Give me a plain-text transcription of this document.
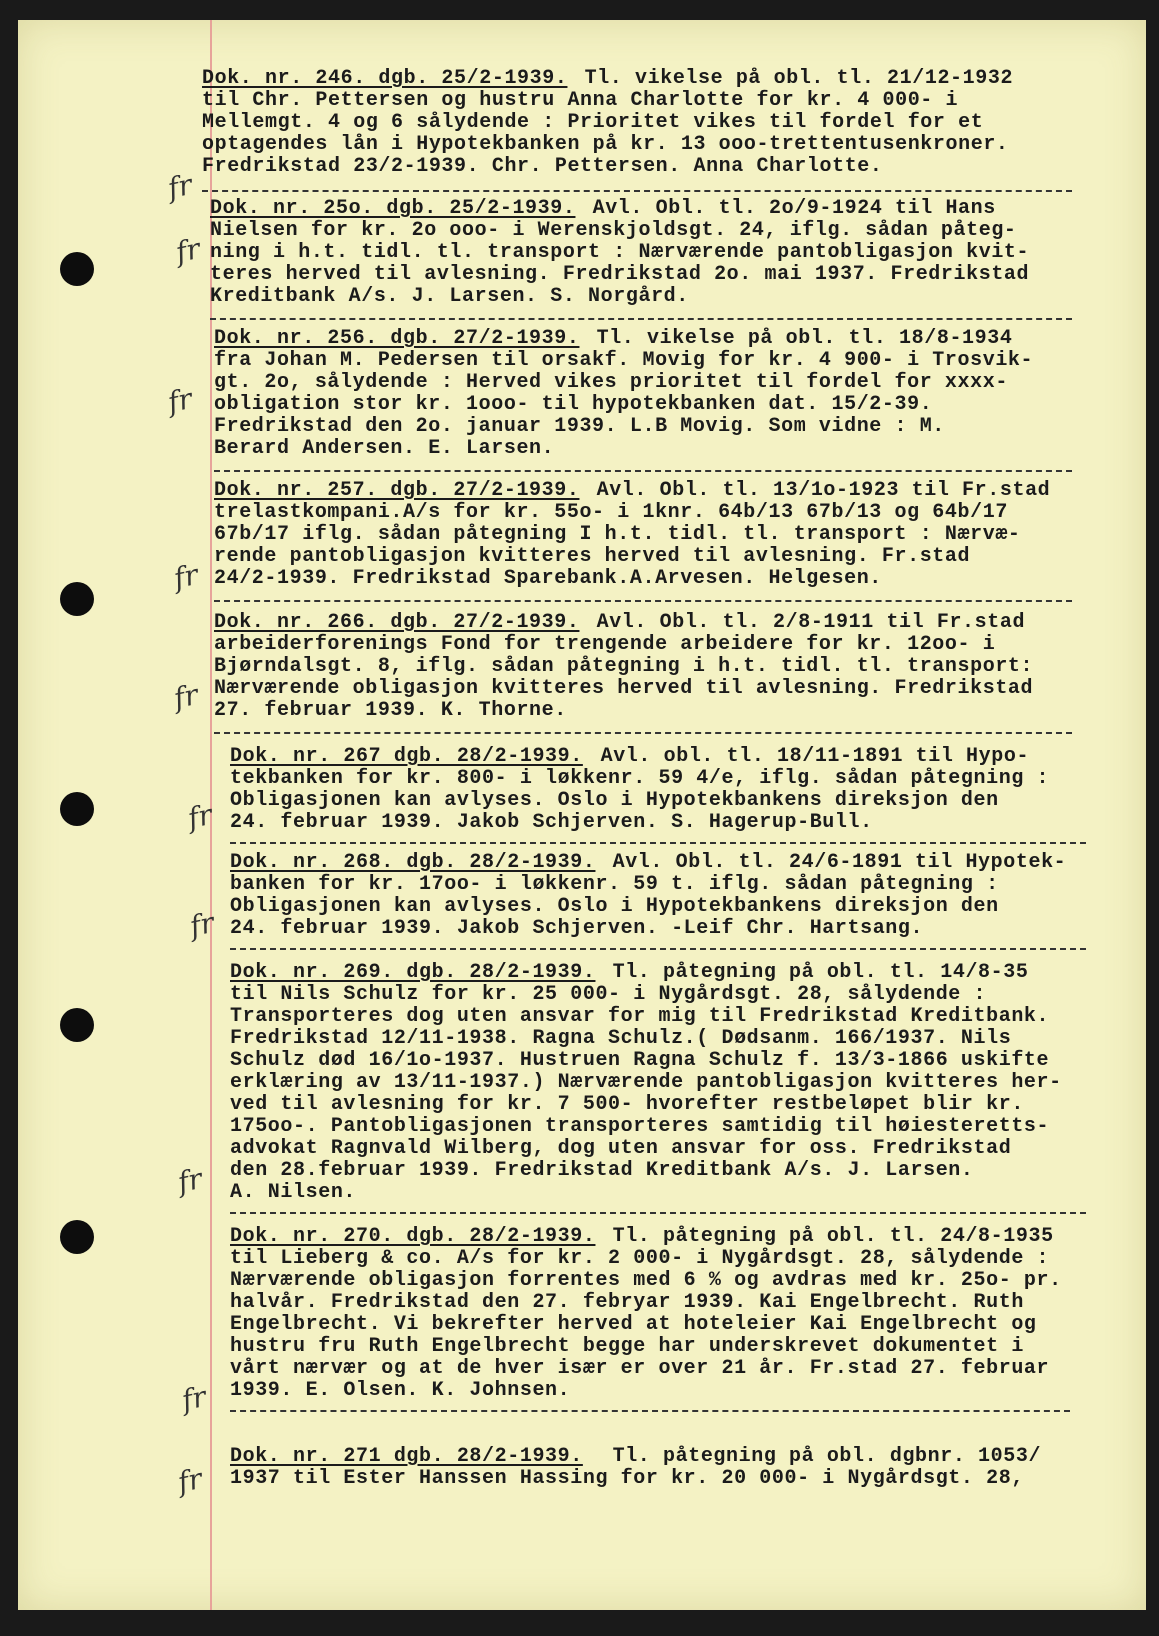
Dok. nr. 246. dgb. 25/2-1939. Tl. vikelse på obl. tl. 21/12-1932
til Chr. Pettersen og hustru Anna Charlotte for kr. 4 000- i
Mellemgt. 4 og 6 sålydende : Prioritet vikes til fordel for et
optagendes lån i Hypotekbanken på kr. 13 ooo-trettentusenkroner.
Fredrikstad 23/2-1939. Chr. Pettersen. Anna Charlotte.
fr
Dok. nr. 25o. dgb. 25/2-1939. Avl. Obl. tl. 2o/9-1924 til Hans
Nielsen for kr. 2o ooo- i Werenskjoldsgt. 24, iflg. sådan påteg-
ning i h.t. tidl. tl. transport : Nærværende pantobligasjon kvit-
teres herved til avlesning. Fredrikstad 2o. mai 1937. Fredrikstad
Kreditbank A/s. J. Larsen. S. Norgård.
fr
Dok. nr. 256. dgb. 27/2-1939. Tl. vikelse på obl. tl. 18/8-1934
fra Johan M. Pedersen til orsakf. Movig for kr. 4 900- i Trosvik-
gt. 2o, sålydende : Herved vikes prioritet til fordel for xxxx-
obligation stor kr. 1ooo- til hypotekbanken dat. 15/2-39.
Fredrikstad den 2o. januar 1939. L.B Movig. Som vidne : M.
Berard Andersen. E. Larsen.
fr
Dok. nr. 257. dgb. 27/2-1939. Avl. Obl. tl. 13/1o-1923 til Fr.stad
trelastkompani.A/s for kr. 55o- i 1knr. 64b/13 67b/13 og 64b/17
67b/17 iflg. sådan påtegning I h.t. tidl. tl. transport : Nærvæ-
rende pantobligasjon kvitteres herved til avlesning. Fr.stad
24/2-1939. Fredrikstad Sparebank.A.Arvesen. Helgesen.
fr
Dok. nr. 266. dgb. 27/2-1939. Avl. Obl. tl. 2/8-1911 til Fr.stad
arbeiderforenings Fond for trengende arbeidere for kr. 12oo- i
Bjørndalsgt. 8, iflg. sådan påtegning i h.t. tidl. tl. transport:
Nærværende obligasjon kvitteres herved til avlesning. Fredrikstad
27. februar 1939. K. Thorne.
fr
Dok. nr. 267 dgb. 28/2-1939. Avl. obl. tl. 18/11-1891 til Hypo-
tekbanken for kr. 800- i løkkenr. 59 4/e, iflg. sådan påtegning :
Obligasjonen kan avlyses. Oslo i Hypotekbankens direksjon den
24. februar 1939. Jakob Schjerven. S. Hagerup-Bull.
fr
Dok. nr. 268. dgb. 28/2-1939. Avl. Obl. tl. 24/6-1891 til Hypotek-
banken for kr. 17oo- i løkkenr. 59 t. iflg. sådan påtegning :
Obligasjonen kan avlyses. Oslo i Hypotekbankens direksjon den
24. februar 1939. Jakob Schjerven. -Leif Chr. Hartsang.
fr
Dok. nr. 269. dgb. 28/2-1939. Tl. påtegning på obl. tl. 14/8-35
til Nils Schulz for kr. 25 000- i Nygårdsgt. 28, sålydende :
Transporteres dog uten ansvar for mig til Fredrikstad Kreditbank.
Fredrikstad 12/11-1938. Ragna Schulz.( Dødsanm. 166/1937. Nils
Schulz død 16/1o-1937. Hustruen Ragna Schulz f. 13/3-1866 uskifte
erklæring av 13/11-1937.) Nærværende pantobligasjon kvitteres her-
ved til avlesning for kr. 7 500- hvorefter restbeløpet blir kr.
175oo-. Pantobligasjonen transporteres samtidig til høiesteretts-
advokat Ragnvald Wilberg, dog uten ansvar for oss. Fredrikstad
den 28.februar 1939. Fredrikstad Kreditbank A/s. J. Larsen.
A. Nilsen.
fr
Dok. nr. 270. dgb. 28/2-1939. Tl. påtegning på obl. tl. 24/8-1935
til Lieberg & co. A/s for kr. 2 000- i Nygårdsgt. 28, sålydende :
Nærværende obligasjon forrentes med 6 % og avdras med kr. 25o- pr.
halvår. Fredrikstad den 27. febryar 1939. Kai Engelbrecht. Ruth
Engelbrecht. Vi bekrefter herved at hoteleier Kai Engelbrecht og
hustru fru Ruth Engelbrecht begge har underskrevet dokumentet i
vårt nærvær og at de hver især er over 21 år. Fr.stad 27. februar
1939. E. Olsen. K. Johnsen.
fr
Dok. nr. 271 dgb. 28/2-1939. Tl. påtegning på obl. dgbnr. 1053/
1937 til Ester Hanssen Hassing for kr. 20 000- i Nygårdsgt. 28,
fr
